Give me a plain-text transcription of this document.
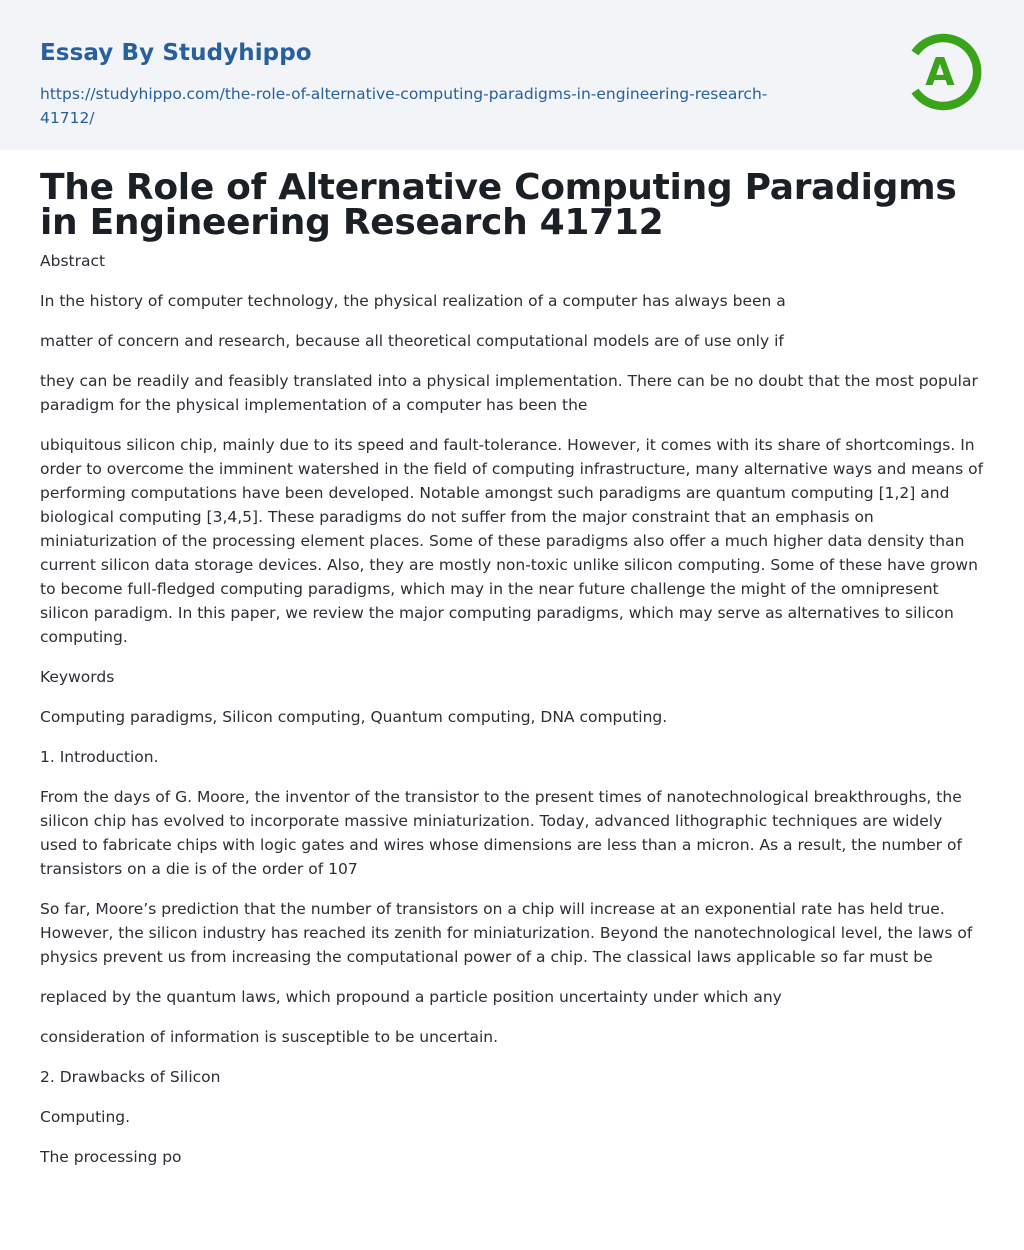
Essay By Studyhippo
https://studyhippo.com/the-role-of-alternative-computing-paradigms-in-engineering-research-41712/
A
The Role of Alternative Computing Paradigms in Engineering Research 41712

Abstract

In the history of computer technology, the physical realization of a computer has always been a

matter of concern and research, because all theoretical computational models are of use only if

they can be readily and feasibly translated into a physical implementation. There can be no doubt that the most popular paradigm for the physical implementation of a computer has been the

ubiquitous silicon chip, mainly due to its speed and fault-tolerance. However, it comes with its share of shortcomings. In order to overcome the imminent watershed in the field of computing infrastructure, many alternative ways and means of performing computations have been developed. Notable amongst such paradigms are quantum computing [1,2] and biological computing [3,4,5]. These paradigms do not suffer from the major constraint that an emphasis on miniaturization of the processing element places. Some of these paradigms also offer a much higher data density than current silicon data storage devices. Also, they are mostly non-toxic unlike silicon computing. Some of these have grown to become full-fledged computing paradigms, which may in the near future challenge the might of the omnipresent silicon paradigm. In this paper, we review the major computing paradigms, which may serve as alternatives to silicon computing.

Keywords

Computing paradigms, Silicon computing, Quantum computing, DNA computing.

1. Introduction.

From the days of G. Moore, the inventor of the transistor to the present times of nanotechnological breakthroughs, the silicon chip has evolved to incorporate massive miniaturization. Today, advanced lithographic techniques are widely used to fabricate chips with logic gates and wires whose dimensions are less than a micron. As a result, the number of transistors on a die is of the order of 107

So far, Moore’s prediction that the number of transistors on a chip will increase at an exponential rate has held true. However, the silicon industry has reached its zenith for miniaturization. Beyond the nanotechnological level, the laws of physics prevent us from increasing the computational power of a chip. The classical laws applicable so far must be

replaced by the quantum laws, which propound a particle position uncertainty under which any

consideration of information is susceptible to be uncertain.

2. Drawbacks of Silicon

Computing.

The processing po
